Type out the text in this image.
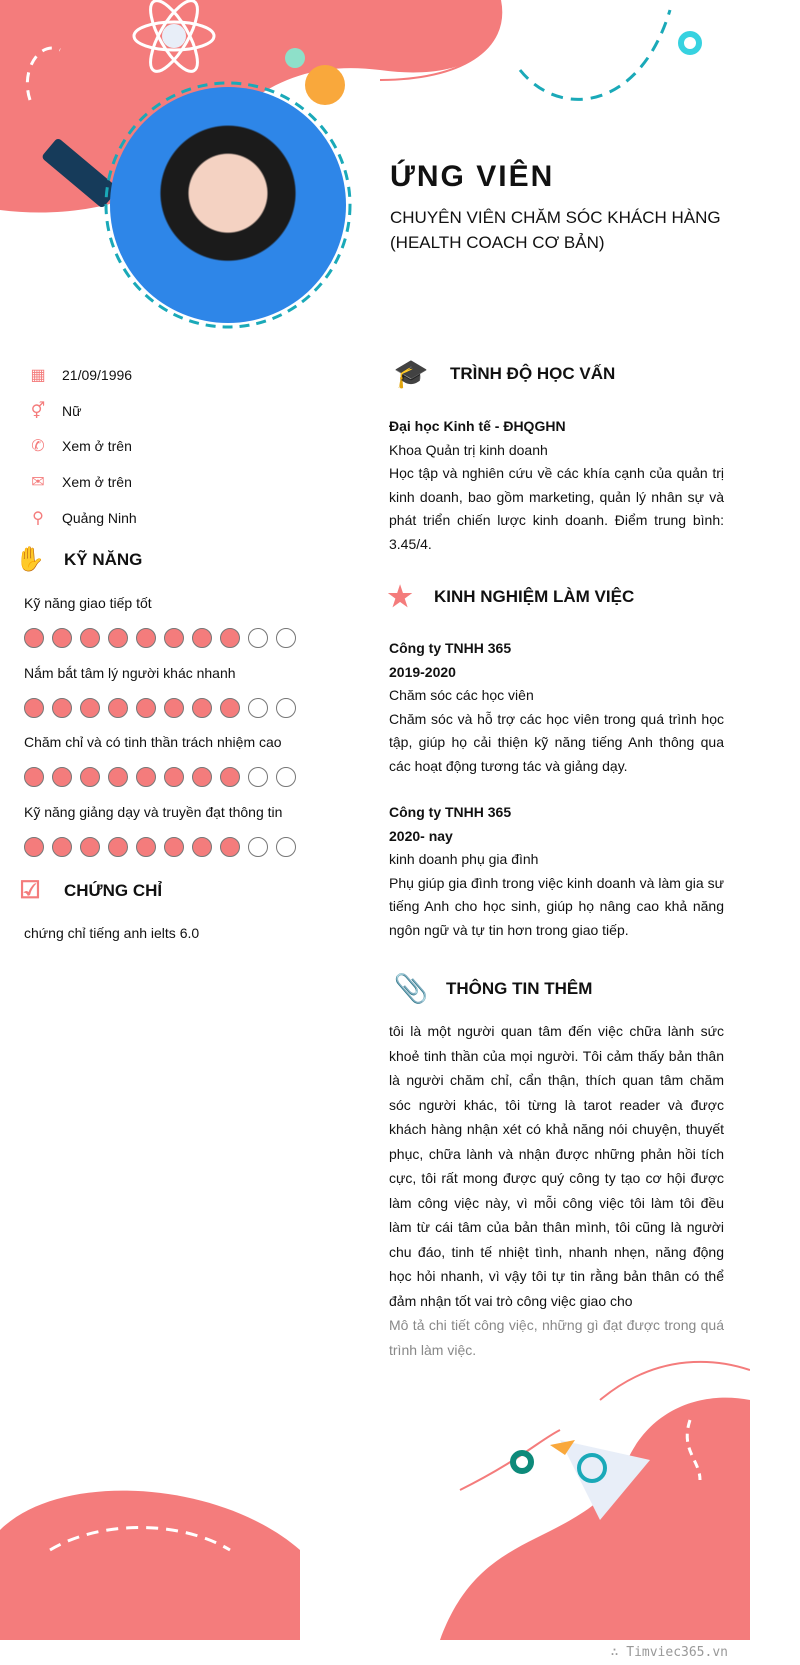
ỨNG VIÊN
CHUYÊN VIÊN CHĂM SÓC KHÁCH HÀNG (HEALTH COACH CƠ BẢN)
▦ 21/09/1996
⚥ Nữ
✆ Xem ở trên
✉ Xem ở trên
⚲ Quảng Ninh
✋ KỸ NĂNG
Kỹ năng giao tiếp tốt
Nắm bắt tâm lý người khác nhanh
Chăm chỉ và có tinh thần trách nhiệm cao
Kỹ năng giảng dạy và truyền đạt thông tin
☑	CHỨNG CHỈ
chứng chỉ tiếng anh ielts 6.0
🎓	TRÌNH ĐỘ HỌC VẤN
Đại học Kinh tế - ĐHQGHN
Khoa Quản trị kinh doanh
Học tập và nghiên cứu về các khía cạnh của quản trị kinh doanh, bao gồm marketing, quản lý nhân sự và phát triển chiến lược kinh doanh. Điểm trung bình: 3.45/4.
★	KINH NGHIỆM LÀM VIỆC
Công ty TNHH 365
2019-2020
Chăm sóc các học viên
Chăm sóc và hỗ trợ các học viên trong quá trình học tập, giúp họ cải thiện kỹ năng tiếng Anh thông qua các hoạt động tương tác và giảng dạy.
Công ty TNHH 365
2020- nay
kinh doanh phụ gia đình
Phụ giúp gia đình trong việc kinh doanh và làm gia sư tiếng Anh cho học sinh, giúp họ nâng cao khả năng ngôn ngữ và tự tin hơn trong giao tiếp.
📎 THÔNG TIN THÊM
tôi là một người quan tâm đến việc chữa lành sức khoẻ tinh thần của mọi người. Tôi cảm thấy bản thân là người chăm chỉ, cẩn thận, thích quan tâm chăm sóc người khác, tôi từng là tarot reader và được khách hàng nhận xét có khả năng nói chuyện, thuyết phục, chữa lành và nhận được những phản hồi tích cực, tôi rất mong được quý công ty tạo cơ hội được làm công việc này, vì mỗi công việc tôi làm tôi đều làm từ cái tâm của bản thân mình, tôi cũng là người chu đáo, tinh tế nhiệt tình, nhanh nhẹn, năng động học hỏi nhanh, vì vậy tôi tự tin rằng bản thân có thể đảm nhận tốt vai trò công việc giao cho
Mô tả chi tiết công việc, những gì đạt được trong quá trình làm việc.
∴ Timviec365.vn
